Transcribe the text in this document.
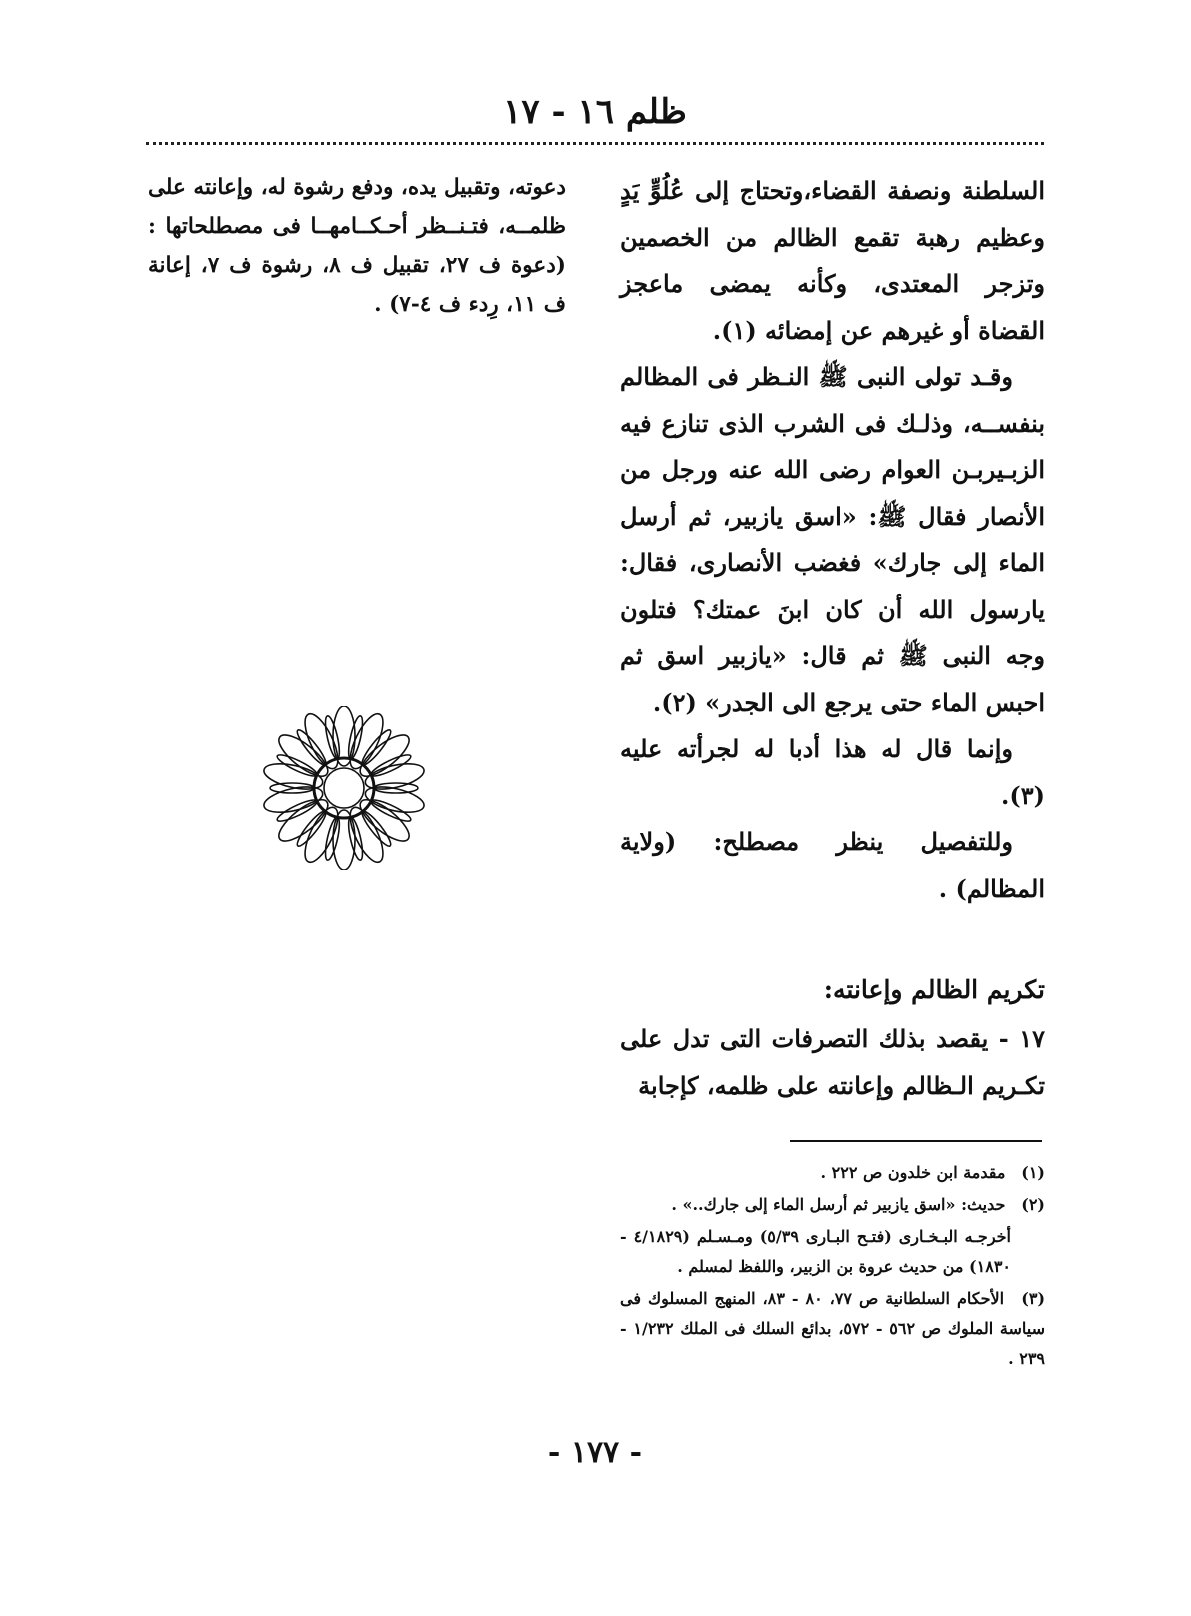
ظلم ١٦ - ١٧

السلطنة ونصفة القضاء،وتحتاج إلى عُلُوٍّ يَدٍ وعظيم رهبة تقمع الظالم من الخصمين وتزجر المعتدى، وكأنه يمضى ماعجز القضاة أو غيرهم عن إمضائه (١).

وقـد تولى النبى ﷺ النـظر فى المظالم بنفســه، وذلـك فى الشرب الذى تنازع فيه الزبـيربـن العوام رضى الله عنه ورجل من الأنصار فقال ﷺ: «اسق يازبير، ثم أرسل الماء إلى جارك» فغضب الأنصارى، فقال: يارسول الله أن كان ابنَ عمتك؟ فتلون وجه النبى ﷺ ثم قال: «يازبير اسق ثم احبس الماء حتى يرجع الى الجدر» (٢).

وإنما قال له هذا أدبا له لجرأته عليه (٣).

وللتفصيل ينظر مصطلح: (ولاية المظالم) .

تكريم الظالم وإعانته:

١٧ - يقصد بذلك التصرفات التى تدل على تكـريم الـظالم وإعانته على ظلمه، كإجابة

دعوته، وتقبيل يده، ودفع رشوة له، وإعانته على ظلمــه، فتـنــظر أحـكــامهــا فى مصطلحاتها : (دعوة ف ٢٧، تقبيل ف ٨، رشوة ف ٧، إعانة ف ١١، رِدء ف ٤-٧) .

(١) مقدمة ابن خلدون ص ٢٢٢ .

(٢) حديث: «اسق يازبير ثم أرسل الماء إلى جارك..» .

أخرجـه البـخـارى (فتـح البـارى ٥/٣٩) ومـسـلم (٤/١٨٢٩ - ١٨٣٠) من حديث عروة بن الزبير، واللفظ لمسلم .

(٣) الأحكام السلطانية ص ٧٧، ٨٠ - ٨٣، المنهج المسلوك فى سياسة الملوك ص ٥٦٢ - ٥٧٢، بدائع السلك فى الملك ١/٢٣٢ - ٢٣٩ .

- ١٧٧ -
